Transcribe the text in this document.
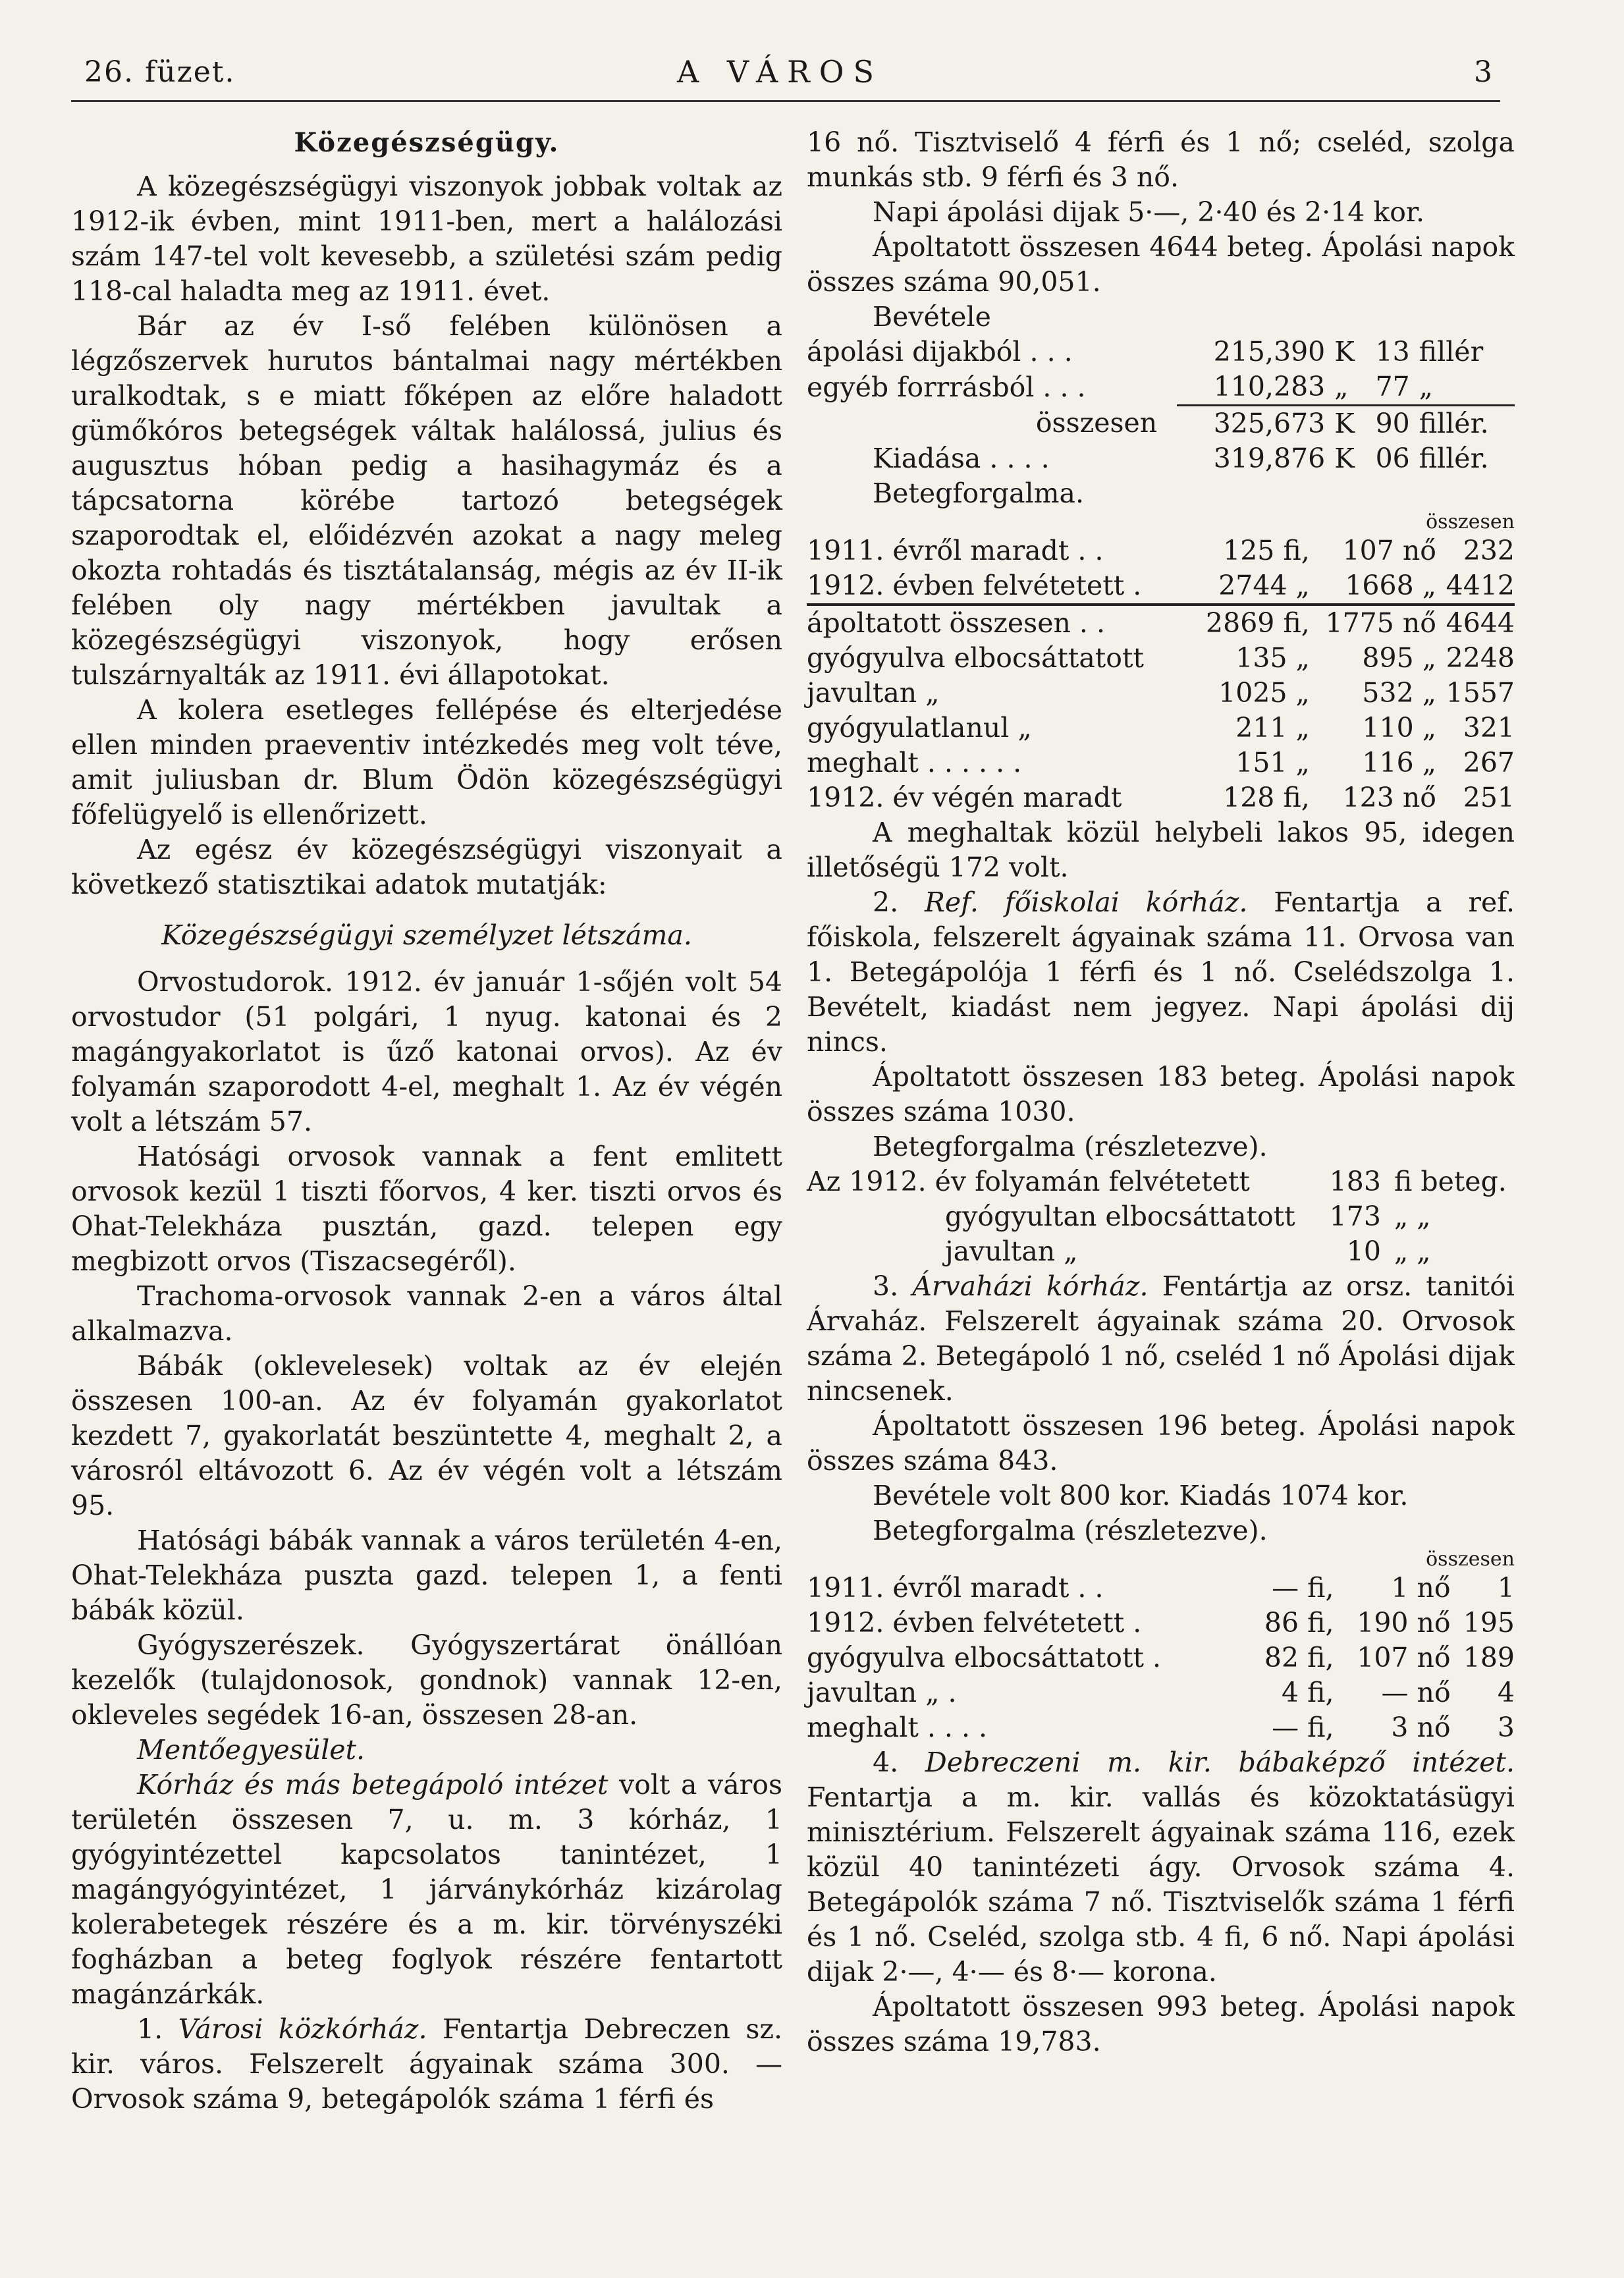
26. füzet.	A VÁROS	3

Közegészségügy.

A közegészségügyi viszonyok jobbak voltak az 1912-ik évben, mint 1911-ben, mert a halálozási szám 147-tel volt kevesebb, a születési szám pedig 118-cal haladta meg az 1911. évet.

Bár az év I-ső felében különösen a légzőszervek hurutos bántalmai nagy mértékben uralkodtak, s e miatt főképen az előre haladott gümőkóros betegségek váltak halálossá, julius és augusztus hóban pedig a hasihagymáz és a tápcsatorna körébe tartozó betegségek szaporodtak el, előidézvén azokat a nagy meleg okozta rohtadás és tisztátalanság, mégis az év II-ik felében oly nagy mértékben javultak a közegészségügyi viszonyok, hogy erősen tulszárnyalták az 1911. évi állapotokat.

A kolera esetleges fellépése és elterjedése ellen minden praeventiv intézkedés meg volt téve, amit juliusban dr. Blum Ödön közegészségügyi főfelügyelő is ellenőrizett.

Az egész év közegészségügyi viszonyait a következő statisztikai adatok mutatják:

Közegészségügyi személyzet létszáma.

Orvostudorok. 1912. év január 1-sőjén volt 54 orvostudor (51 polgári, 1 nyug. katonai és 2 magángyakorlatot is űző katonai orvos). Az év folyamán szaporodott 4-el, meghalt 1. Az év végén volt a létszám 57.

Hatósági orvosok vannak a fent emlitett orvosok kezül 1 tiszti főorvos, 4 ker. tiszti orvos és Ohat-Telekháza pusztán, gazd. telepen egy megbizott orvos (Tiszacsegéről).

Trachoma-orvosok vannak 2-en a város által alkalmazva.

Bábák (oklevelesek) voltak az év elején összesen 100-an. Az év folyamán gyakorlatot kezdett 7, gyakorlatát beszüntette 4, meghalt 2, a városról eltávozott 6. Az év végén volt a létszám 95.

Hatósági bábák vannak a város területén 4-en, Ohat-Telekháza puszta gazd. telepen 1, a fenti bábák közül.

Gyógyszerészek. Gyógyszertárat önállóan kezelők (tulajdonosok, gondnok) vannak 12-en, okleveles segédek 16-an, összesen 28-an.

Mentőegyesület.

Kórház és más betegápoló intézet volt a város területén összesen 7, u. m. 3 kórház, 1 gyógyintézettel kapcsolatos tanintézet, 1 magángyógyintézet, 1 járványkórház kizárolag kolerabetegek részére és a m. kir. törvényszéki fogházban a beteg foglyok részére fentartott magánzárkák.

1. Városi közkórház. Fentartja Debreczen sz. kir. város. Felszerelt ágyainak száma 300. — Orvosok száma 9, betegápolók száma 1 férfi és

16 nő. Tisztviselő 4 férfi és 1 nő; cseléd, szolga munkás stb. 9 férfi és 3 nő.

Napi ápolási dijak 5·—, 2·40 és 2·14 kor.

Ápoltatott összesen 4644 beteg. Ápolási napok összes száma 90,051.

Bevétele

ápolási dijakból . . .	215,390	K	13	fillér
egyéb forrrásból . . .	110,283	„	77	„
összesen	325,673	K	90	fillér.
Kiadása . . . .	319,876	K	06	fillér.

Betegforgalma.

összesen

1911. évről maradt . .	125 fi,	107 nő	232
1912. évben felvétetett .	2744 „	1668 „	4412
ápoltatott összesen . .	2869 fi,	1775 nő	4644
gyógyulva elbocsáttatott	135 „	895 „	2248
javultan „	1025 „	532 „	1557
gyógyulatlanul „	211 „	110 „	321
meghalt . . . . . .	151 „	116 „	267
1912. év végén maradt	128 fi,	123 nő	251

A meghaltak közül helybeli lakos 95, idegen illetőségü 172 volt.

2. Ref. főiskolai kórház. Fentartja a ref. főiskola, felszerelt ágyainak száma 11. Orvosa van 1. Betegápolója 1 férfi és 1 nő. Cselédszolga 1. Bevételt, kiadást nem jegyez. Napi ápolási dij nincs.

Ápoltatott összesen 183 beteg. Ápolási napok összes száma 1030.

Betegforgalma (részletezve).

Az 1912. év folyamán felvétetett	183	fi beteg.
gyógyultan elbocsáttatott	173	„ „
javultan „	10	„ „

3. Árvaházi kórház. Fentártja az orsz. tanitói Árvaház. Felszerelt ágyainak száma 20. Orvosok száma 2. Betegápoló 1 nő, cseléd 1 nő Ápolási dijak nincsenek.

Ápoltatott összesen 196 beteg. Ápolási napok összes száma 843.

Bevétele volt 800 kor. Kiadás 1074 kor.

Betegforgalma (részletezve).

összesen

1911. évről maradt . .	— fi,	1 nő	1
1912. évben felvétetett .	86 fi,	190 nő	195
gyógyulva elbocsáttatott .	82 fi,	107 nő	189
javultan „ .	4 fi,	— nő	4
meghalt . . . .	— fi,	3 nő	3

4. Debreczeni m. kir. bábaképző intézet. Fentartja a m. kir. vallás és közoktatásügyi minisztérium. Felszerelt ágyainak száma 116, ezek közül 40 tanintézeti ágy. Orvosok száma 4. Betegápolók száma 7 nő. Tisztviselők száma 1 férfi és 1 nő. Cseléd, szolga stb. 4 fi, 6 nő. Napi ápolási dijak 2·—, 4·— és 8·— korona.

Ápoltatott összesen 993 beteg. Ápolási napok összes száma 19,783.
